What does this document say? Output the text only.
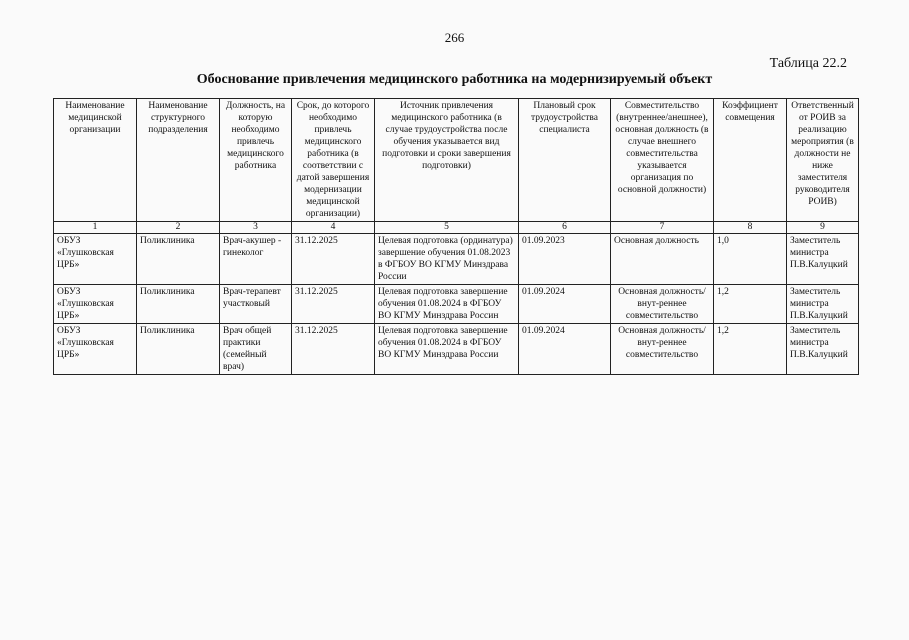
266
Таблица 22.2
Обоснование привлечения медицинского работника на модернизируемый объект
Наименование медицинской организации	Наименование структурного подразделения	Должность, на которую необходимо привлечь медицинского работника	Срок, до которого необходимо привлечь медицинского работника (в соответствии с датой завершения модернизации медицинской организации)	Источник привлечения медицинского работника (в случае трудоустройства после обучения указывается вид подготовки и сроки завершения подготовки)	Плановый срок трудоустройства специалиста	Совместительство (внутреннее/анешнее), основная должность (в случае внешнего совместительства указывается организация по основной должности)	Коэффициент совмещения	Ответственный от РОИВ за реализацию мероприятия (в должности не ниже заместителя руководителя РОИВ)
1	2	3	4	5	6	7	8	9
ОБУЗ «Глушковская ЦРБ»	Поликлиника	Врач-акушер - гинеколог	31.12.2025	Целевая подготовка (ординатура) завершение обучения 01.08.2023 в ФГБОУ ВО КГМУ Минздрава России	01.09.2023	Основная должность	1,0	Заместитель министра П.В.Калуцкий
ОБУЗ «Глушковская ЦРБ»	Поликлиника	Врач-терапевт участковый	31.12.2025	Целевая подготовка завершение обучения 01.08.2024 в ФГБОУ ВО КГМУ Минздрава Россин	01.09.2024	Основная должность/внут-реннее совместительство	1,2	Заместитель министра П.В.Калуцкий
ОБУЗ «Глушковская ЦРБ»	Поликлиника	Врач общей практики (семейный врач)	31.12.2025	Целевая подготовка завершение обучения 01.08.2024 в ФГБОУ ВО КГМУ Минздрава России	01.09.2024	Основная должность/внут-реннее совместительство	1,2	Заместитель министра П.В.Калуцкий
